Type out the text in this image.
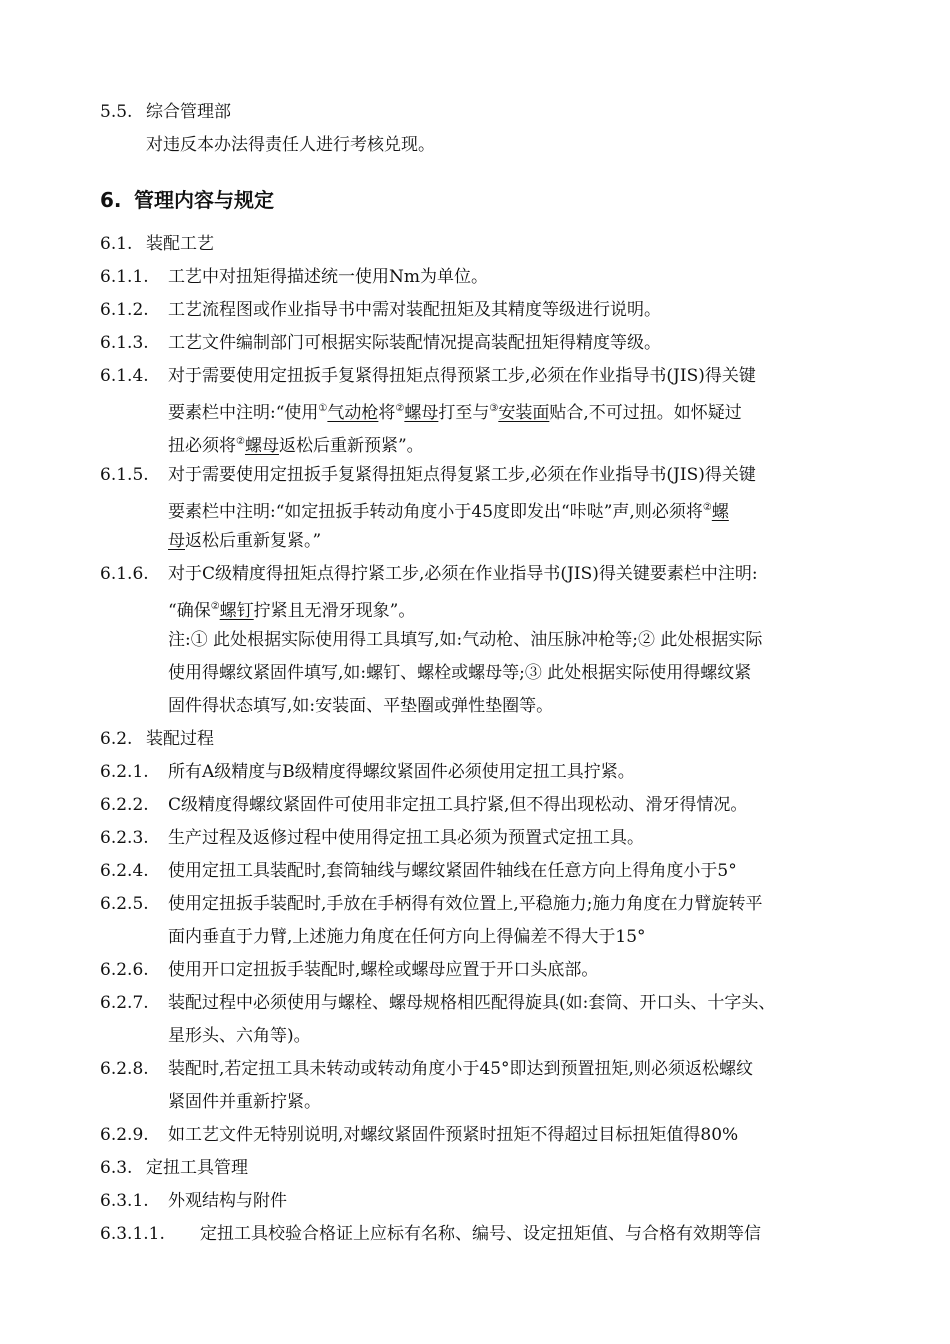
5.5. 综合管理部
对违反本办法得责任人进行考核兑现。
6. 管理内容与规定
6.1. 装配工艺
6.1.1. 工艺中对扭矩得描述统一使用Nm为单位。
6.1.2. 工艺流程图或作业指导书中需对装配扭矩及其精度等级进行说明。
6.1.3. 工艺文件编制部门可根据实际装配情况提高装配扭矩得精度等级。
6.1.4. 对于需要使用定扭扳手复紧得扭矩点得预紧工步,必须在作业指导书(JIS)得关键
要素栏中注明:“使用①气动枪将②螺母打至与③安装面贴合,不可过扭。如怀疑过
扭必须将②螺母返松后重新预紧”。
6.1.5. 对于需要使用定扭扳手复紧得扭矩点得复紧工步,必须在作业指导书(JIS)得关键
要素栏中注明:“如定扭扳手转动角度小于45度即发出“咔哒”声,则必须将②螺
母返松后重新复紧。”
6.1.6. 对于C级精度得扭矩点得拧紧工步,必须在作业指导书(JIS)得关键要素栏中注明:
“确保②螺钉拧紧且无滑牙现象”。
注:① 此处根据实际使用得工具填写,如:气动枪、油压脉冲枪等;② 此处根据实际
使用得螺纹紧固件填写,如:螺钉、螺栓或螺母等;③ 此处根据实际使用得螺纹紧
固件得状态填写,如:安装面、平垫圈或弹性垫圈等。
6.2. 装配过程
6.2.1. 所有A级精度与B级精度得螺纹紧固件必须使用定扭工具拧紧。
6.2.2. C级精度得螺纹紧固件可使用非定扭工具拧紧,但不得出现松动、滑牙得情况。
6.2.3. 生产过程及返修过程中使用得定扭工具必须为预置式定扭工具。
6.2.4. 使用定扭工具装配时,套筒轴线与螺纹紧固件轴线在任意方向上得角度小于5°
6.2.5. 使用定扭扳手装配时,手放在手柄得有效位置上,平稳施力;施力角度在力臂旋转平
面内垂直于力臂,上述施力角度在任何方向上得偏差不得大于15°
6.2.6. 使用开口定扭扳手装配时,螺栓或螺母应置于开口头底部。
6.2.7. 装配过程中必须使用与螺栓、螺母规格相匹配得旋具(如:套筒、开口头、十字头、
星形头、六角等)。
6.2.8. 装配时,若定扭工具未转动或转动角度小于45°即达到预置扭矩,则必须返松螺纹
紧固件并重新拧紧。
6.2.9. 如工艺文件无特别说明,对螺纹紧固件预紧时扭矩不得超过目标扭矩值得80%
6.3. 定扭工具管理
6.3.1. 外观结构与附件
6.3.1.1. 定扭工具校验合格证上应标有名称、编号、设定扭矩值、与合格有效期等信
